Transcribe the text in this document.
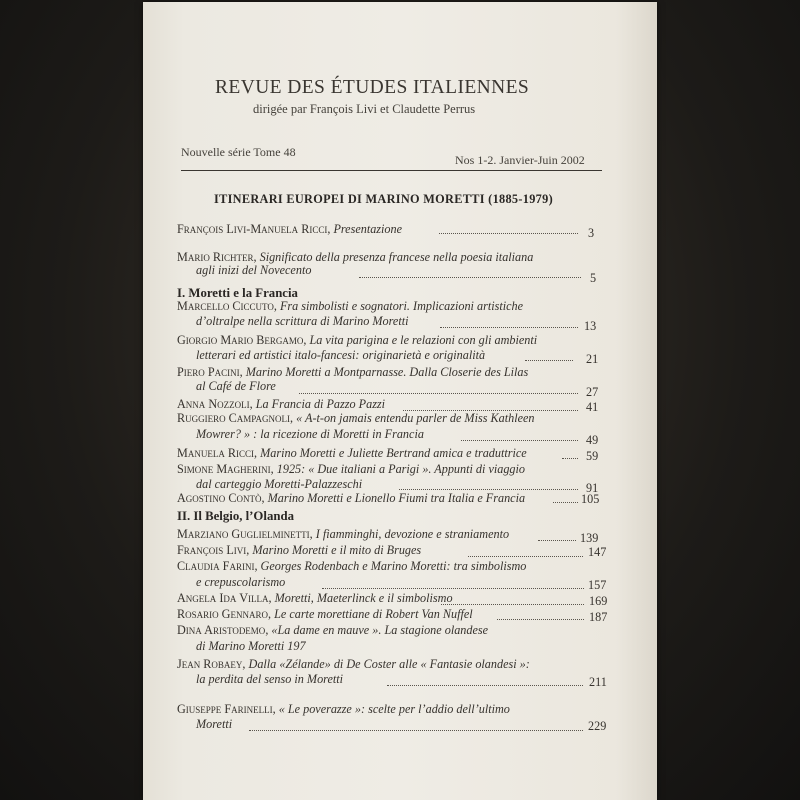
REVUE DES ÉTUDES ITALIENNES
dirigée par François Livi et Claudette Perrus
Nouvelle série Tome 48
Nos 1-2. Janvier-Juin 2002
ITINERARI EUROPEI DI MARINO MORETTI (1885-1979)
François Livi-Manuela Ricci, Presentazione	3
Mario Richter, Significato della presenza francese nella poesia italiana
agli inizi del Novecento
5
I. Moretti e la Francia
Marcello Ciccuto, Fra simbolisti e sognatori. Implicazioni artistiche
d’oltralpe nella scrittura di Marino Moretti	13
Giorgio Mario Bergamo, La vita parigina e le relazioni con gli ambienti
letterari ed artistici italo-fancesi: originarietà e originalità	21
Piero Pacini, Marino Moretti a Montparnasse. Dalla Closerie des Lilas
al Café de Flore	27
Anna Nozzoli, La Francia di Pazzo Pazzi	41
Ruggiero Campagnoli, « A-t-on jamais entendu parler de Miss Kathleen
Mowrer? » : la ricezione di Moretti in Francia	49
Manuela Ricci, Marino Moretti e Juliette Bertrand amica e traduttrice	59
Simone Magherini, 1925: « Due italiani a Parigi ». Appunti di viaggio
dal carteggio Moretti-Palazzeschi	91
Agostino Contò, Marino Moretti e Lionello Fiumi tra Italia e Francia	105
II. Il Belgio, l’Olanda
Marziano Guglielminetti, I fiamminghi, devozione e straniamento	139
François Livi, Marino Moretti e il mito di Bruges	147
Claudia Farini, Georges Rodenbach e Marino Moretti: tra simbolismo
e crepuscolarismo	157
Angela Ida Villa, Moretti, Maeterlinck e il simbolismo	169
Rosario Gennaro, Le carte morettiane di Robert Van Nuffel	187
Dina Aristodemo, «La dame en mauve ». La stagione olandese
di Marino Moretti 197
Jean Robaey, Dalla «Zélande» di De Coster alle « Fantasie olandesi »:
la perdita del senso in Moretti	211
Giuseppe Farinelli, « Le poverazze »: scelte per l’addio dell’ultimo
Moretti	229
